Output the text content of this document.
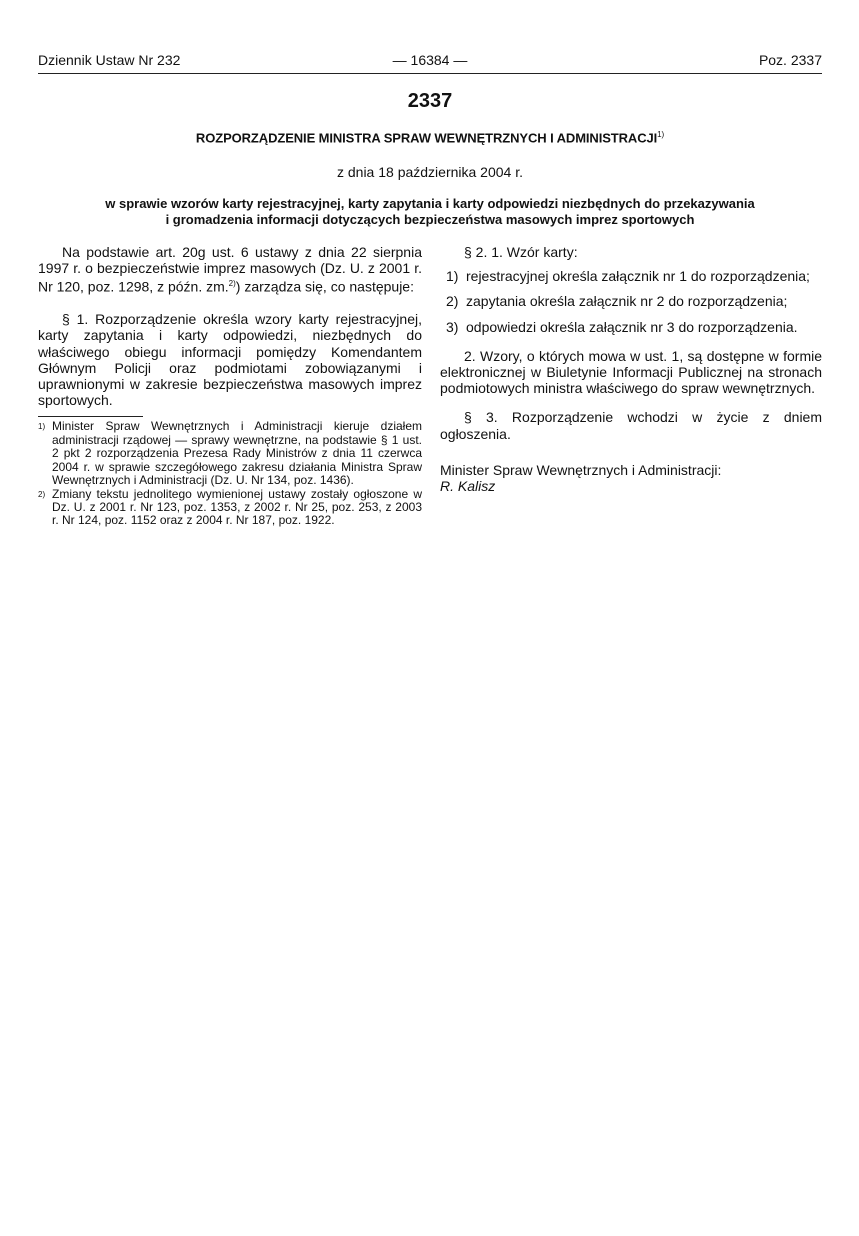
Dziennik Ustaw Nr 232	— 16384 —	Poz. 2337
2337
ROZPORZĄDZENIE MINISTRA SPRAW WEWNĘTRZNYCH I ADMINISTRACJI$^{1)}$
z dnia 18 października 2004 r.
w sprawie wzorów karty rejestracyjnej, karty zapytania i karty odpowiedzi niezbędnych do przekazywania
i gromadzenia informacji dotyczących bezpieczeństwa masowych imprez sportowych

Na podstawie art. 20g ust. 6 ustawy z dnia 22 sierpnia 1997 r. o bezpieczeństwie imprez masowych (Dz. U. z 2001 r. Nr 120, poz. 1298, z późn. zm.$^{2)}$) zarządza się, co następuje:

§ 1. Rozporządzenie określa wzory karty rejestracyjnej, karty zapytania i karty odpowiedzi, niezbędnych do właściwego obiegu informacji pomiędzy Komendantem Głównym Policji oraz podmiotami zobowiązanymi i uprawnionymi w zakresie bezpieczeństwa masowych imprez sportowych.

1) Minister Spraw Wewnętrznych i Administracji kieruje działem administracji rządowej — sprawy wewnętrzne, na podstawie § 1 ust. 2 pkt 2 rozporządzenia Prezesa Rady Ministrów z dnia 11 czerwca 2004 r. w sprawie szczegółowego zakresu działania Ministra Spraw Wewnętrznych i Administracji (Dz. U. Nr 134, poz. 1436).
2) Zmiany tekstu jednolitego wymienionej ustawy zostały ogłoszone w Dz. U. z 2001 r. Nr 123, poz. 1353, z 2002 r. Nr 25, poz. 253, z 2003 r. Nr 124, poz. 1152 oraz z 2004 r. Nr 187, poz. 1922.

§ 2. 1. Wzór karty:

1) rejestracyjnej określa załącznik nr 1 do rozporządzenia;
2) zapytania określa załącznik nr 2 do rozporządzenia;
3) odpowiedzi określa załącznik nr 3 do rozporządzenia.

2. Wzory, o których mowa w ust. 1, są dostępne w formie elektronicznej w Biuletynie Informacji Publicznej na stronach podmiotowych ministra właściwego do spraw wewnętrznych.

§ 3. Rozporządzenie wchodzi w życie z dniem ogłoszenia.

Minister Spraw Wewnętrznych i Administracji:

R. Kalisz
